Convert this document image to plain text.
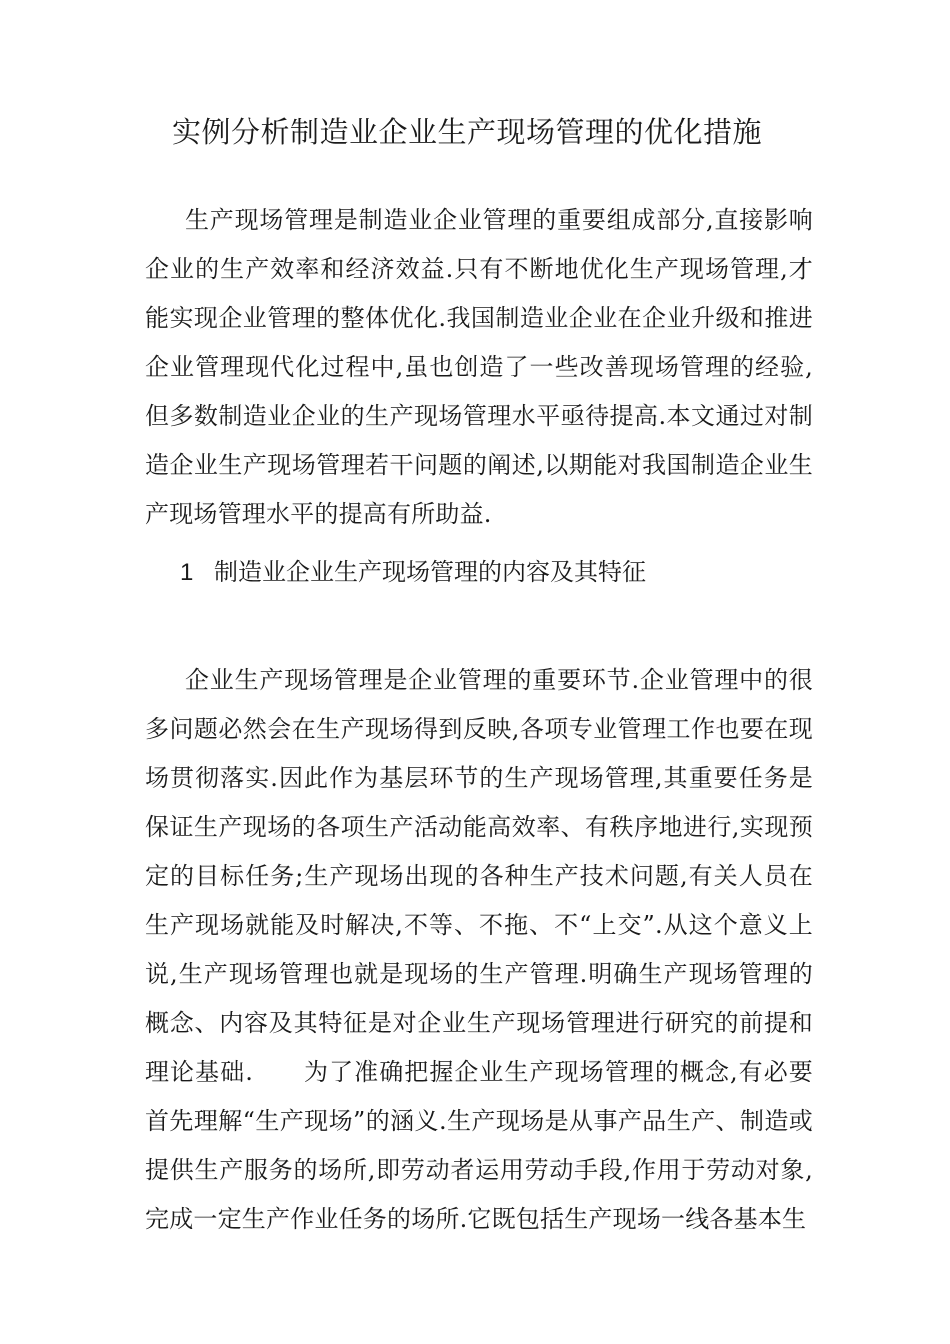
实例分析制造业企业生产现场管理的优化措施

生产现场管理是制造业企业管理的重要组成部分,直接影响企业的生产效率和经济效益.只有不断地优化生产现场管理,才能实现企业管理的整体优化.我国制造业企业在企业升级和推进企业管理现代化过程中,虽也创造了一些改善现场管理的经验,但多数制造业企业的生产现场管理水平亟待提高.本文通过对制造企业生产现场管理若干问题的阐述,以期能对我国制造企业生产现场管理水平的提高有所助益.

1 制造业企业生产现场管理的内容及其特征

企业生产现场管理是企业管理的重要环节.企业管理中的很多问题必然会在生产现场得到反映,各项专业管理工作也要在现场贯彻落实.因此作为基层环节的生产现场管理,其重要任务是保证生产现场的各项生产活动能高效率、有秩序地进行,实现预定的目标任务;生产现场出现的各种生产技术问题,有关人员在生产现场就能及时解决,不等、不拖、不“上交”.从这个意义上说,生产现场管理也就是现场的生产管理.明确生产现场管理的概念、内容及其特征是对企业生产现场管理进行研究的前提和理论基础.　　为了准确把握企业生产现场管理的概念,有必要首先理解“生产现场”的涵义.生产现场是从事产品生产、制造或提供生产服务的场所,即劳动者运用劳动手段,作用于劳动对象,完成一定生产作业任务的场所.它既包括生产现场一线各基本生
